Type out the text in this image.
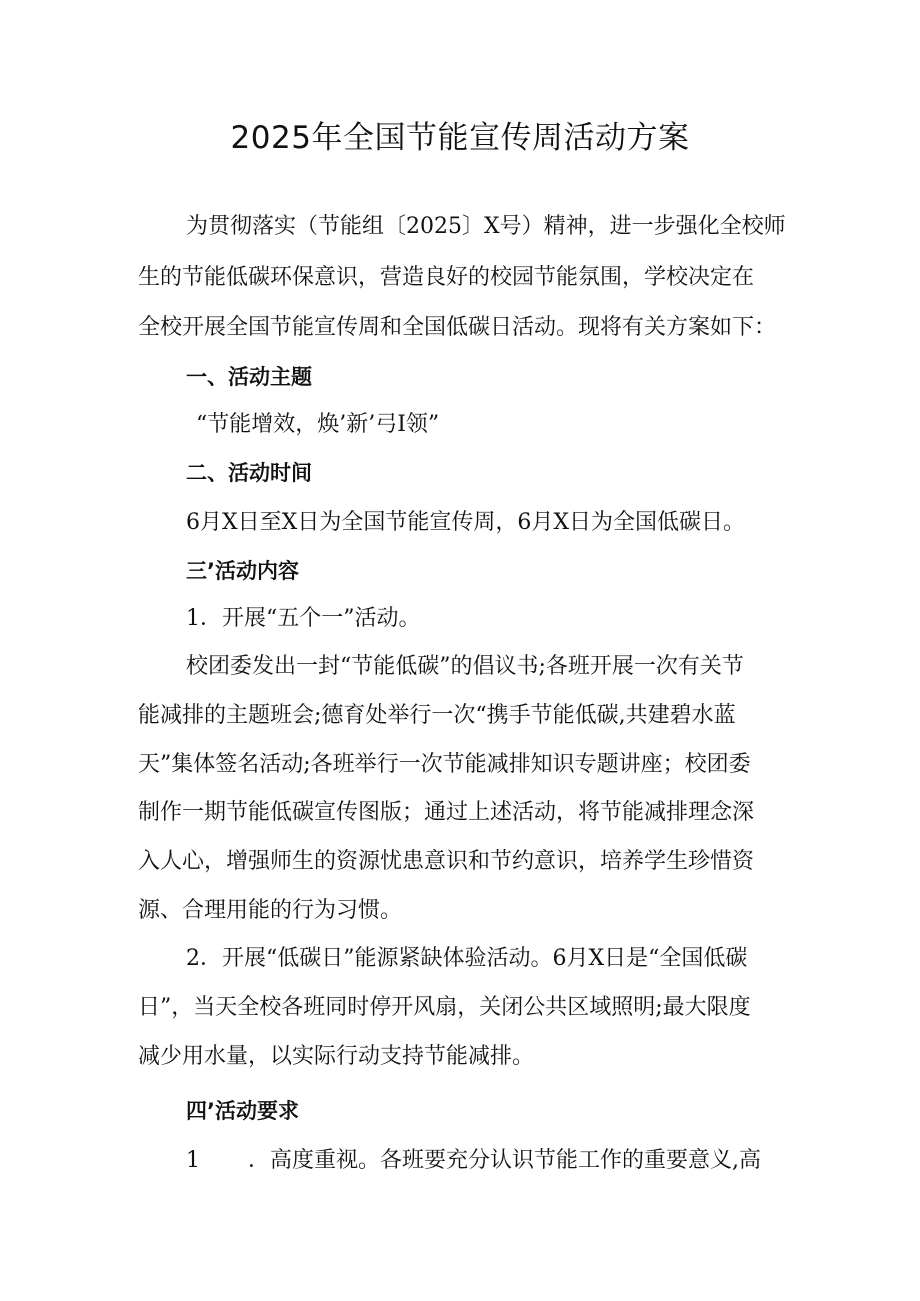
2025年全国节能宣传周活动方案
为贯彻落实（节能组〔2025〕X号）精神，进一步强化全校师
生的节能低碳环保意识，营造良好的校园节能氛围，学校决定在
全校开展全国节能宣传周和全国低碳日活动。现将有关方案如下：
一、活动主题
“节能增效，焕’新’弓I领”
二、活动时间
6月X日至X日为全国节能宣传周，6月X日为全国低碳日。
三’活动内容
1．开展“五个一”活动。
校团委发出一封“节能低碳”的倡议书;各班开展一次有关节
能减排的主题班会;德育处举行一次“携手节能低碳,共建碧水蓝
天”集体签名活动;各班举行一次节能减排知识专题讲座；校团委
制作一期节能低碳宣传图版；通过上述活动，将节能减排理念深
入人心，增强师生的资源忧患意识和节约意识，培养学生珍惜资
源、合理用能的行为习惯。
2．开展“低碳日”能源紧缺体验活动。6月X日是“全国低碳
日”，当天全校各班同时停开风扇，关闭公共区域照明;最大限度
减少用水量，以实际行动支持节能减排。
四’活动要求
1 ．高度重视。各班要充分认识节能工作的重要意义,高
